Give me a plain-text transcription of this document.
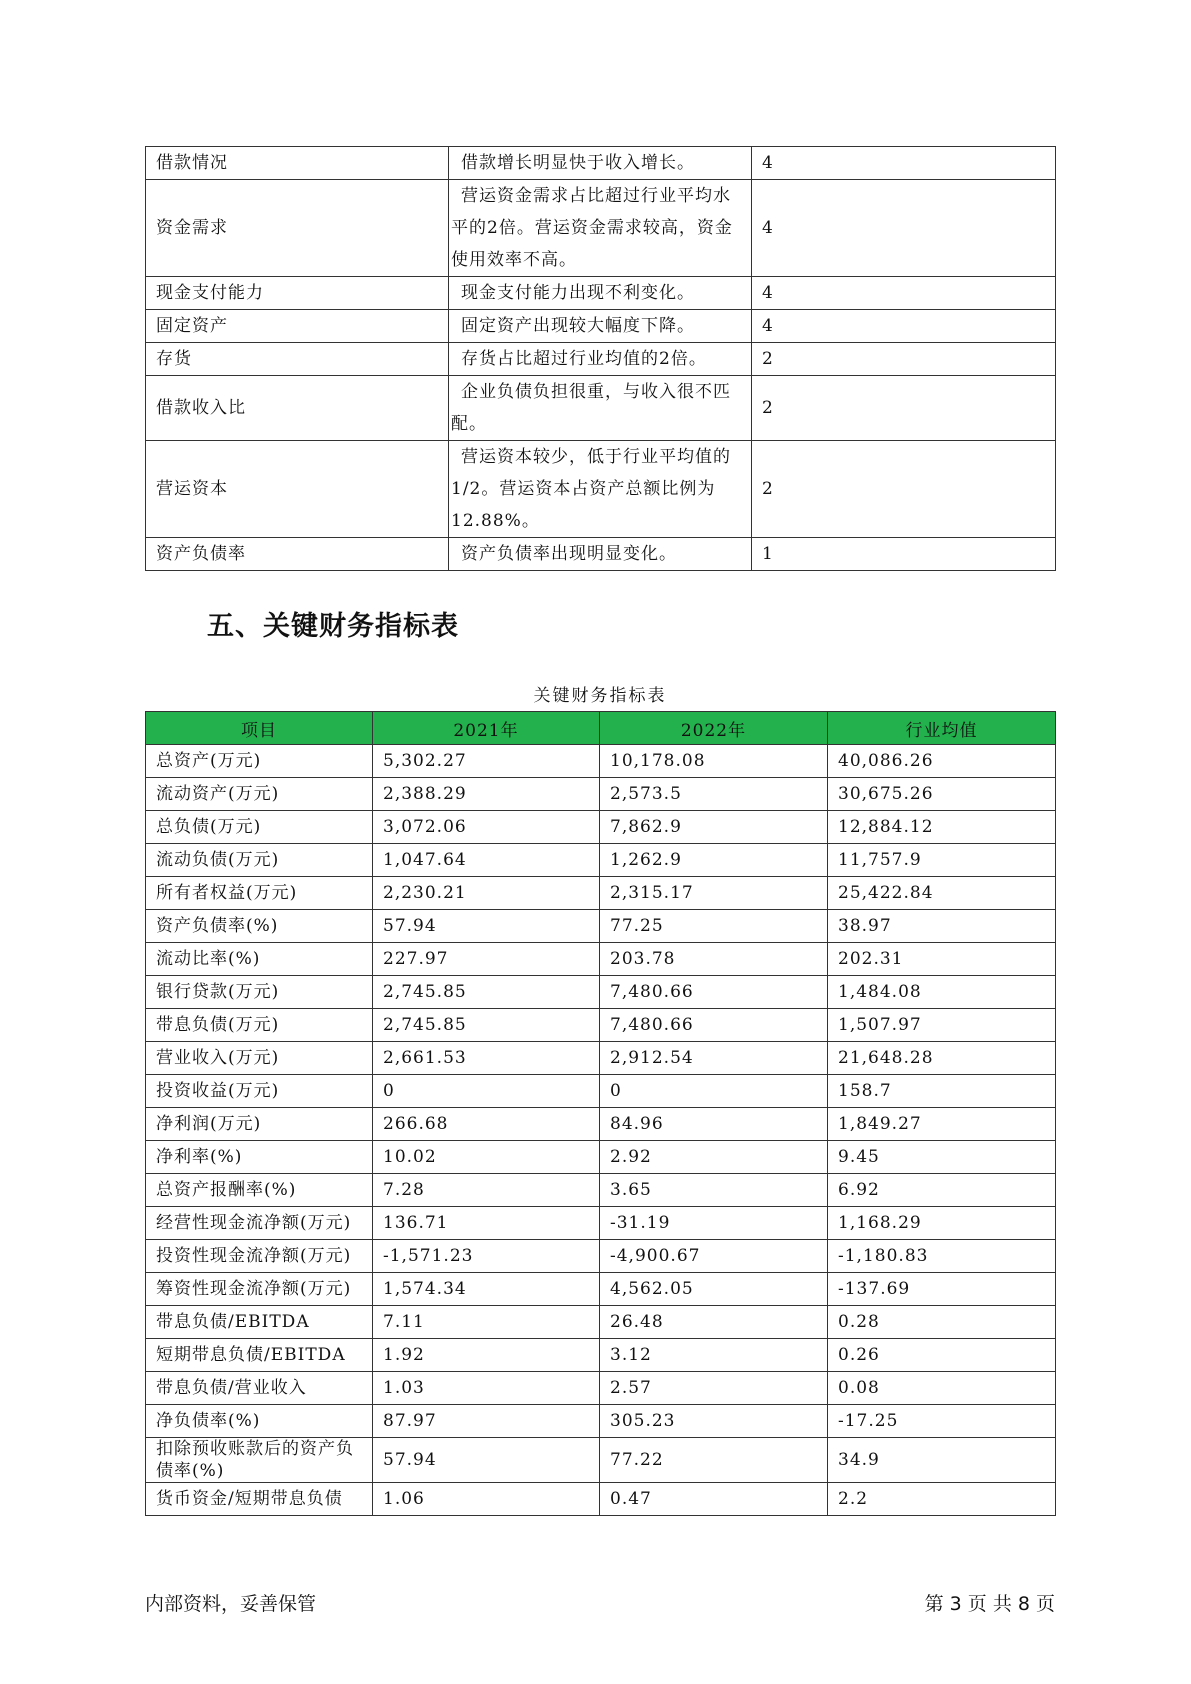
借款情况	借款增长明显快于收入增长。	4
资金需求	营运资金需求占比超过行业平均水平的2倍。营运资金需求较高，资金使用效率不高。	4
现金支付能力	现金支付能力出现不利变化。	4
固定资产	固定资产出现较大幅度下降。	4
存货	存货占比超过行业均值的2倍。	2
借款收入比	企业负债负担很重，与收入很不匹配。	2
营运资本	营运资本较少，低于行业平均值的1/2。营运资本占资产总额比例为12.88%。	2
资产负债率	资产负债率出现明显变化。	1
五、关键财务指标表
关键财务指标表
项目	2021年	2022年	行业均值
总资产(万元)	5,302.27	10,178.08	40,086.26
流动资产(万元)	2,388.29	2,573.5	30,675.26
总负债(万元)	3,072.06	7,862.9	12,884.12
流动负债(万元)	1,047.64	1,262.9	11,757.9
所有者权益(万元)	2,230.21	2,315.17	25,422.84
资产负债率(%)	57.94	77.25	38.97
流动比率(%)	227.97	203.78	202.31
银行贷款(万元)	2,745.85	7,480.66	1,484.08
带息负债(万元)	2,745.85	7,480.66	1,507.97
营业收入(万元)	2,661.53	2,912.54	21,648.28
投资收益(万元)	0	0	158.7
净利润(万元)	266.68	84.96	1,849.27
净利率(%)	10.02	2.92	9.45
总资产报酬率(%)	7.28	3.65	6.92
经营性现金流净额(万元)	136.71	-31.19	1,168.29
投资性现金流净额(万元)	-1,571.23	-4,900.67	-1,180.83
筹资性现金流净额(万元)	1,574.34	4,562.05	-137.69
带息负债/EBITDA	7.11	26.48	0.28
短期带息负债/EBITDA	1.92	3.12	0.26
带息负债/营业收入	1.03	2.57	0.08
净负债率(%)	87.97	305.23	-17.25
扣除预收账款后的资产负债率(%)	57.94	77.22	34.9
货币资金/短期带息负债	1.06	0.47	2.2
内部资料，妥善保管	第 3 页 共 8 页
